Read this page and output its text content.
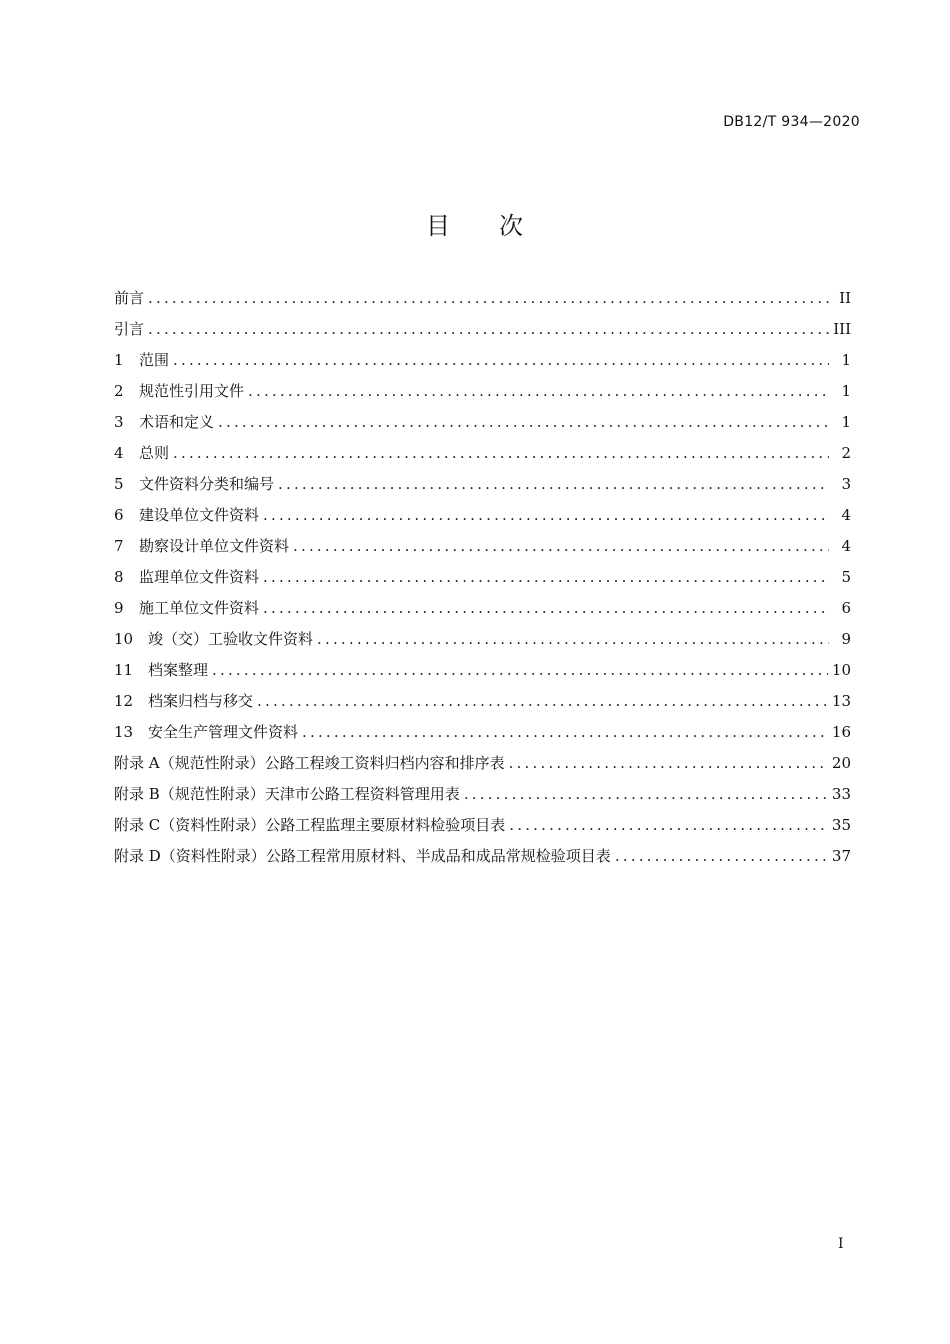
DB12/T 934—2020
目 次
前言 .....	II
引言 .....	III
1	范围 .....	1
2	规范性引用文件 .....	1
3	术语和定义 .....	1
4	总则 .....	2
5	文件资料分类和编号 .....	3
6	建设单位文件资料 .....	4
7	勘察设计单位文件资料 .....	4
8	监理单位文件资料 .....	5
9	施工单位文件资料 .....	6
10 竣（交）工验收文件资料 .....	9
11 档案整理 .....	10
12 档案归档与移交 .....	13
13 安全生产管理文件资料 .....	16
附录 A（规范性附录） 公路工程竣工资料归档内容和排序表 .....	20
附录 B（规范性附录） 天津市公路工程资料管理用表 .....	33
附录 C（资料性附录） 公路工程监理主要原材料检验项目表 .....	35
附录 D（资料性附录） 公路工程常用原材料、半成品和成品常规检验项目表 .....	37
I
